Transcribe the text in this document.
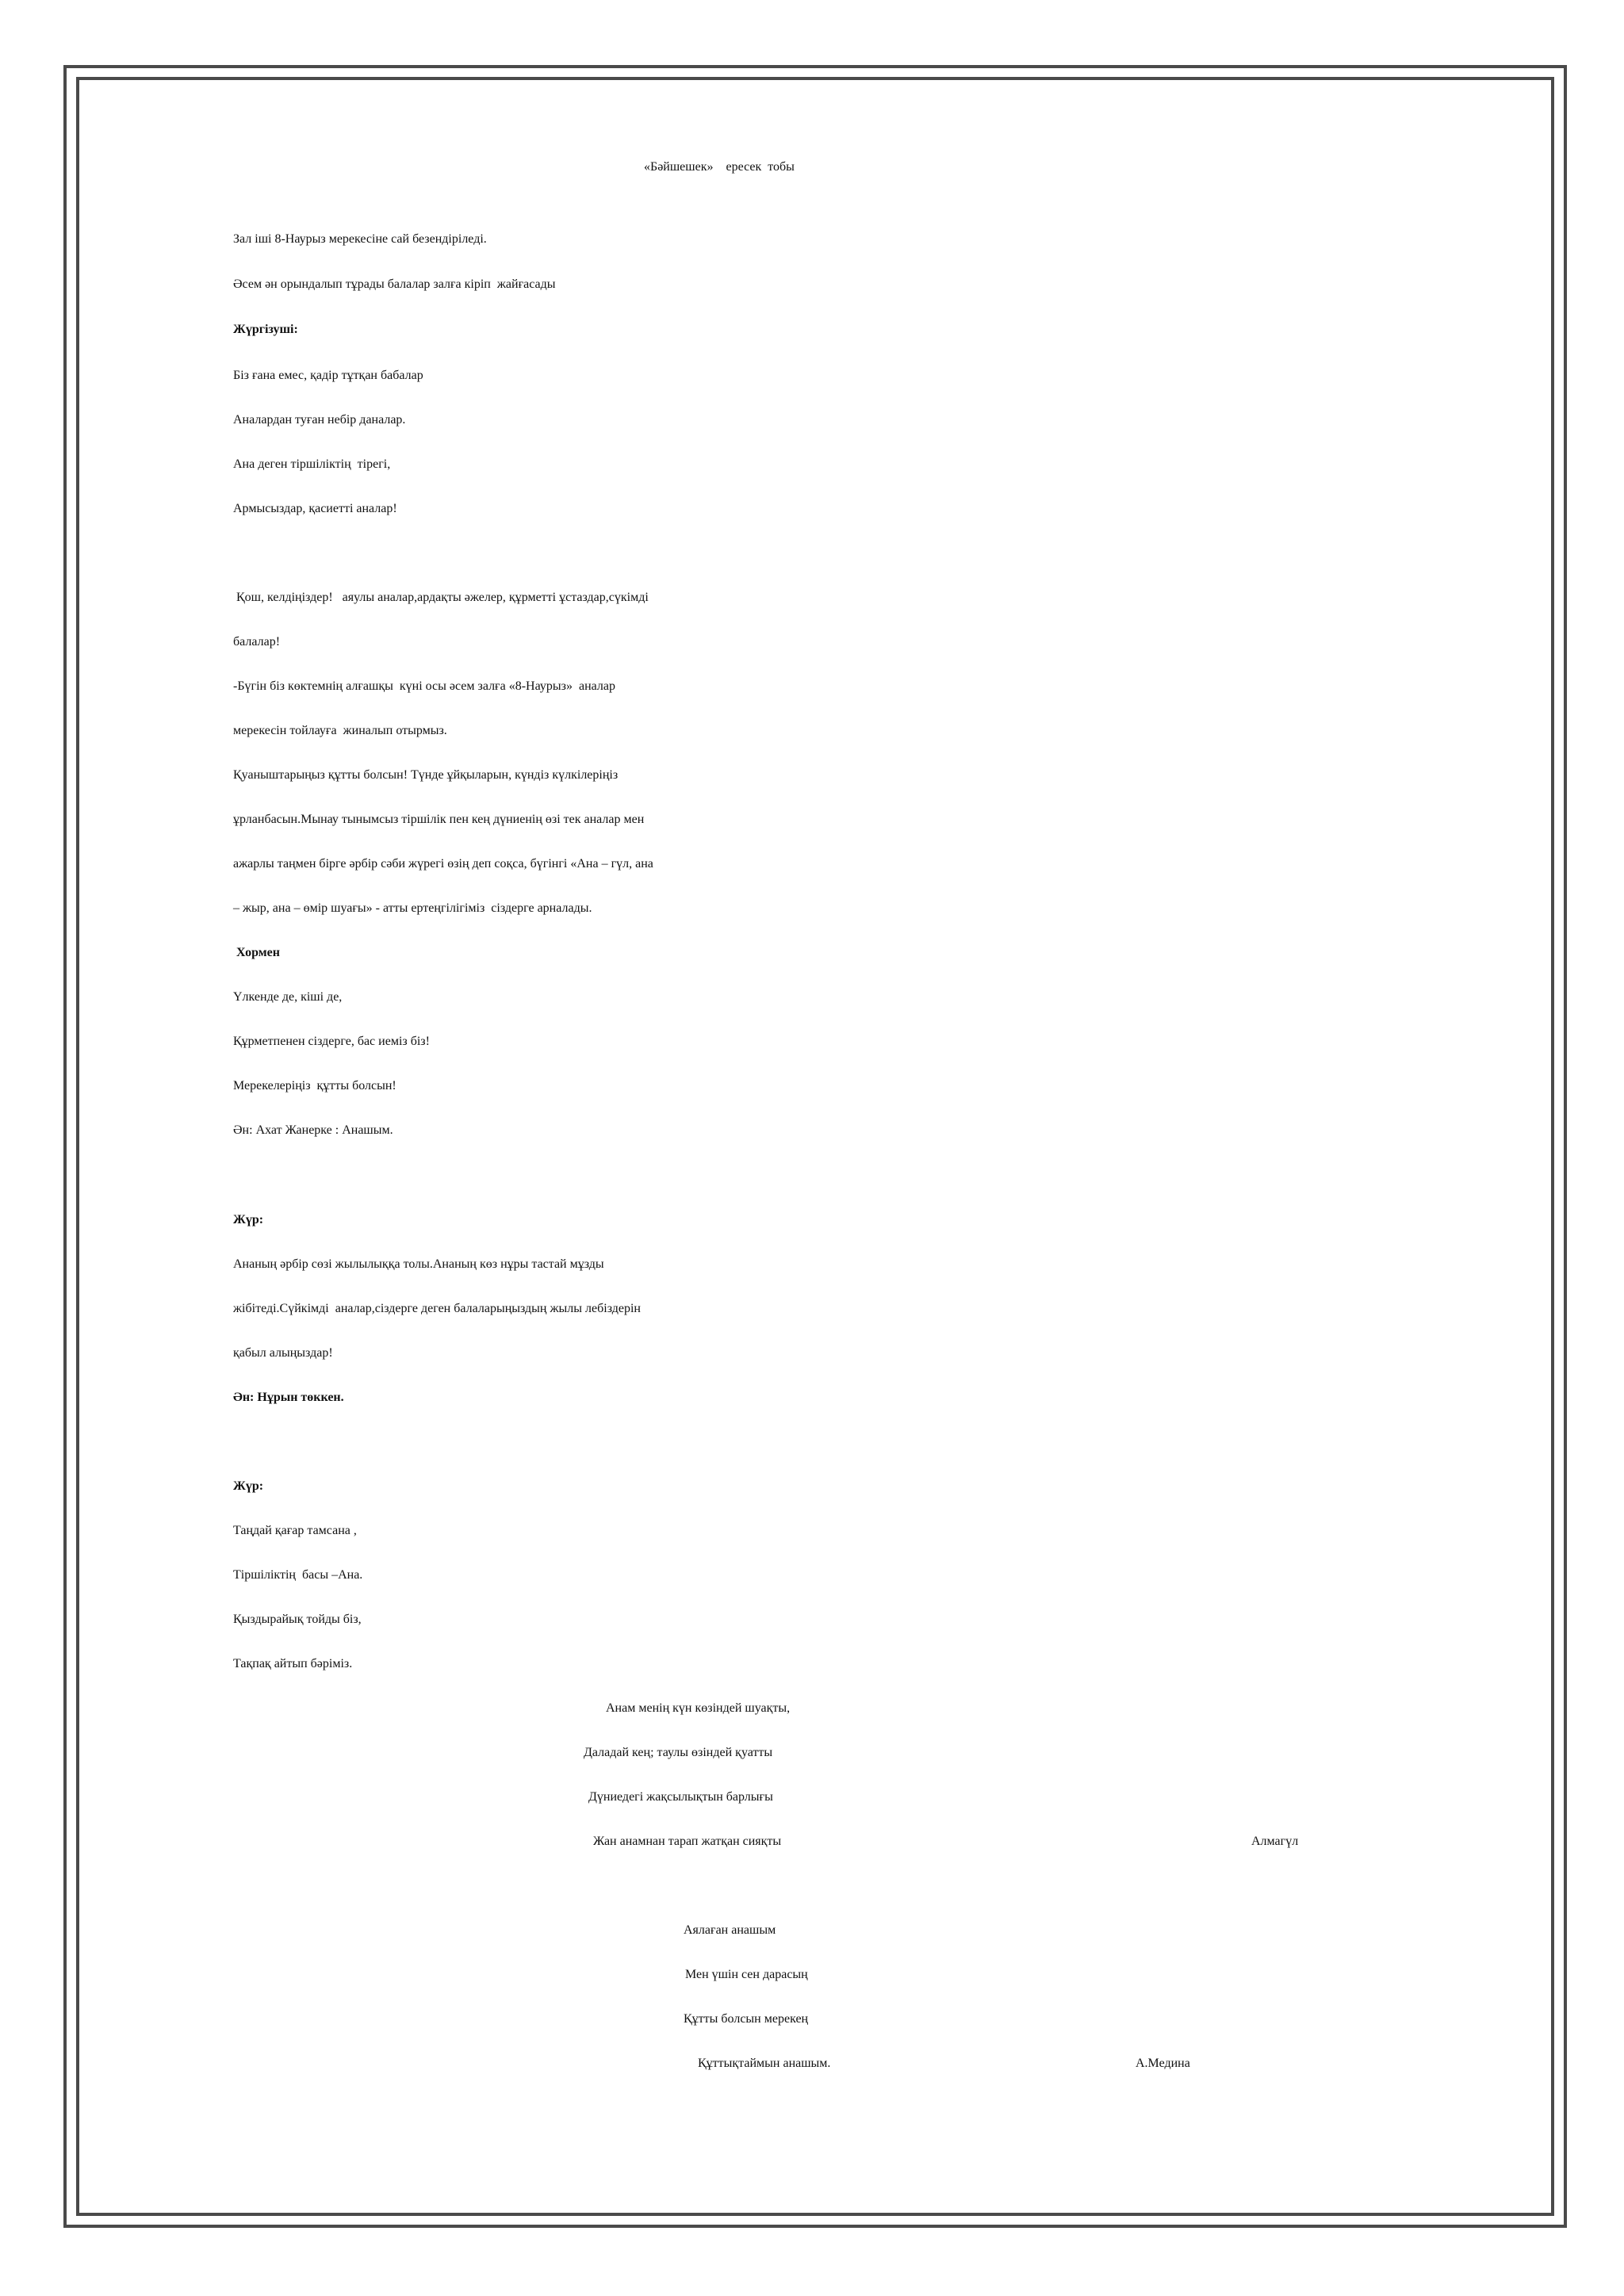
«Бәйшешек»    ересек  тобы
Зал іші 8-Наурыз мерекесіне сай безендіріледі.
Әсем ән орындалып тұрады балалар залға кіріп  жайғасады
Жүргізуші:
Біз ғана емес, қадір тұтқан бабалар
Аналардан туған небір даналар.
Ана деген тіршіліктің  тірегі,
Армысыздар, қасиетті аналар!
Қош, келдіңіздер!   аяулы аналар,ардақты әжелер, құрметті ұстаздар,сүкімді
балалар!
-Бүгін біз көктемнің алғашқы  күні осы әсем залға «8-Наурыз»  аналар
мерекесін тойлауға  жиналып отырмыз.
Қуаныштарыңыз құтты болсын! Түнде ұйқыларын, күндіз күлкілеріңіз
ұрланбасын.Мынау тынымсыз тіршілік пен кең дүниенің өзі тек аналар мен
ажарлы таңмен бірге әрбір сәби жүрегі өзің деп соқса, бүгінгі «Ана – гүл, ана
– жыр, ана – өмір шуағы» - атты ертеңгілігіміз  сіздерге арналады.
Хормен
Үлкенде де, кіші де,
Құрметпенен сіздерге, бас иеміз біз!
Мерекелеріңіз  құтты болсын!
Ән: Ахат Жанерке : Анашым.
Жүр:
Ананың әрбір сөзі жылылыққа толы.Ананың көз нұры тастай мұзды
жібітеді.Сүйкімді  аналар,сіздерге деген балаларыңыздың жылы лебіздерін
қабыл алыңыздар!
Ән: Нұрын төккен.
Жүр:
Таңдай қағар тамсана ,
Тіршіліктің  басы –Ана.
Қыздырайық тойды біз,
Тақпақ айтып бәріміз.
Анам менің күн көзіндей шуақты,
Даладай кең; таулы өзіндей қуатты
Дүниедегі жақсылықтын барлығы
Жан анамнан тарап жатқан сияқты	Алмагүл
Аялаған анашым
Мен үшін сен дарасың
Құтты болсын мерекең
Құттықтаймын анашым.	А.Медина
